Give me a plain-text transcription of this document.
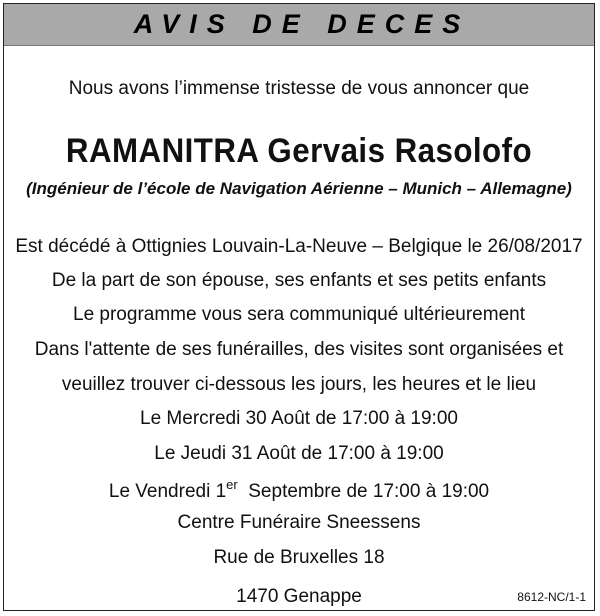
AVIS DE DECES
Nous avons l’immense tristesse de vous annoncer que
RAMANITRA Gervais Rasolofo
(Ingénieur de l’école de Navigation Aérienne – Munich – Allemagne)
Est décédé à Ottignies Louvain-La-Neuve – Belgique le 26/08/2017
De la part de son épouse, ses enfants et ses petits enfants
Le programme vous sera communiqué ultérieurement
Dans l'attente de ses funérailles, des visites sont organisées et
veuillez trouver ci-dessous les jours, les heures et le lieu
Le Mercredi 30 Août de 17:00 à 19:00
Le Jeudi 31 Août de 17:00 à 19:00
Le Vendredi 1er  Septembre de 17:00 à 19:00
Centre Funéraire Sneessens
Rue de Bruxelles 18
1470 Genappe	8612-NC/1-1
